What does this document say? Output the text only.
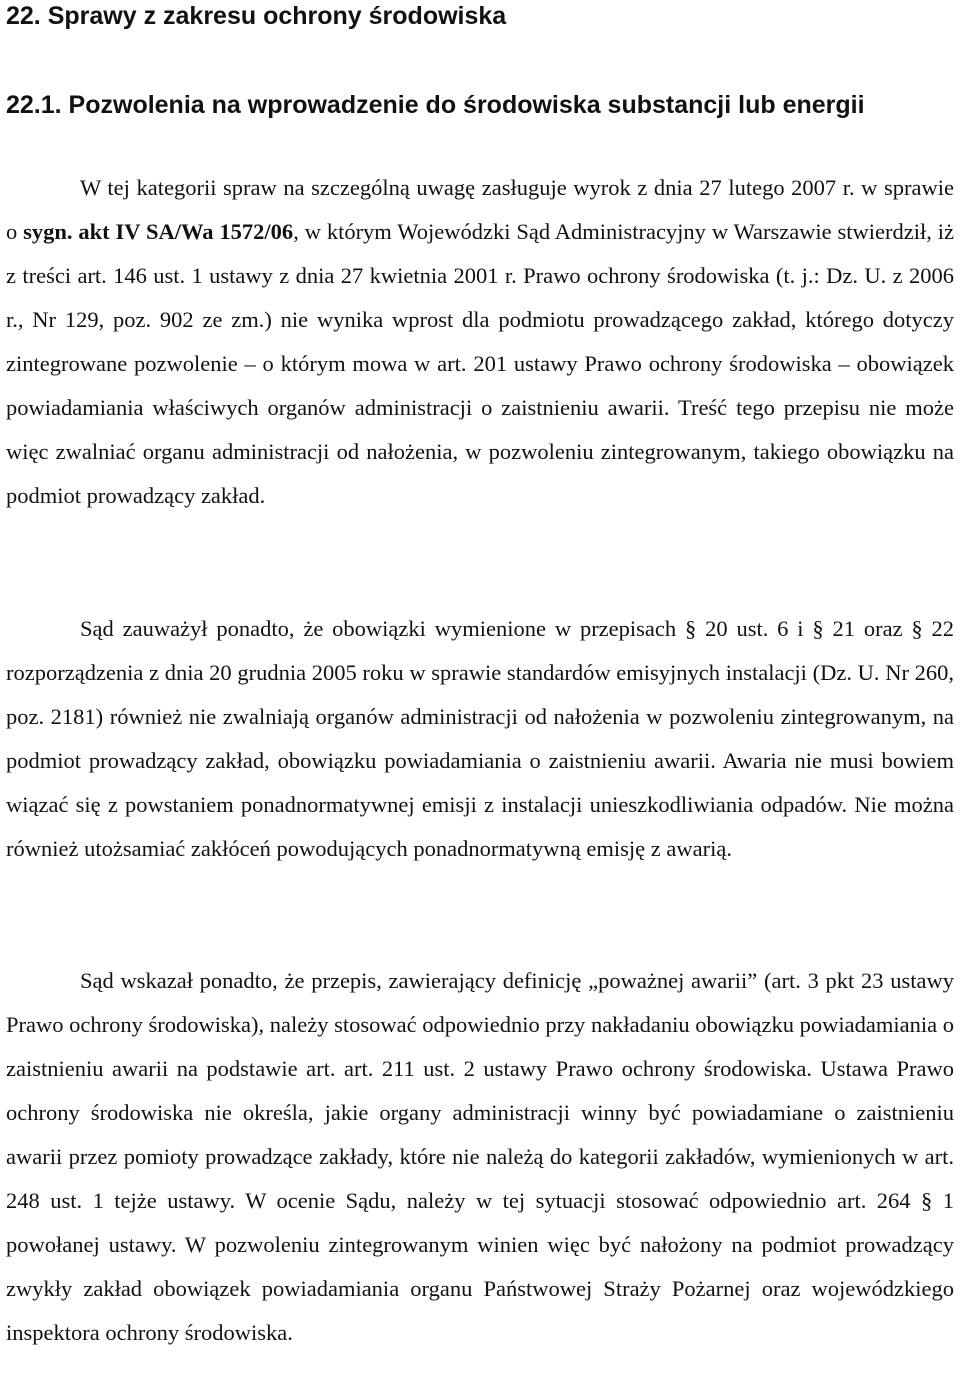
22. Sprawy z zakresu ochrony środowiska
22.1. Pozwolenia na wprowadzenie do środowiska substancji lub energii

W tej kategorii spraw na szczególną uwagę zasługuje wyrok z dnia 27 lutego 2007 r. w sprawie o sygn. akt IV SA/Wa 1572/06, w którym Wojewódzki Sąd Administracyjny w Warszawie stwierdził, iż z treści art. 146 ust. 1 ustawy z dnia 27 kwietnia 2001 r. Prawo ochrony środowiska (t. j.: Dz. U. z 2006 r., Nr 129, poz. 902 ze zm.) nie wynika wprost dla podmiotu prowadzącego zakład, którego dotyczy zintegrowane pozwolenie – o którym mowa w art. 201 ustawy Prawo ochrony środowiska – obowiązek powiadamiania właściwych organów administracji o zaistnieniu awarii. Treść tego przepisu nie może więc zwalniać organu administracji od nałożenia, w pozwoleniu zintegrowanym, takiego obowiązku na podmiot prowadzący zakład.

Sąd zauważył ponadto, że obowiązki wymienione w przepisach § 20 ust. 6 i § 21 oraz § 22 rozporządzenia z dnia 20 grudnia 2005 roku w sprawie standardów emisyjnych instalacji (Dz. U. Nr 260, poz. 2181) również nie zwalniają organów administracji od nałożenia w pozwoleniu zintegrowanym, na podmiot prowadzący zakład, obowiązku powiadamiania o zaistnieniu awarii. Awaria nie musi bowiem wiązać się z powstaniem ponadnormatywnej emisji z instalacji unieszkodliwiania odpadów. Nie można również utożsamiać zakłóceń powodujących ponadnormatywną emisję z awarią.

Sąd wskazał ponadto, że przepis, zawierający definicję „poważnej awarii” (art. 3 pkt 23 ustawy Prawo ochrony środowiska), należy stosować odpowiednio przy nakładaniu obowiązku powiadamiania o zaistnieniu awarii na podstawie art. art. 211 ust. 2 ustawy Prawo ochrony środowiska. Ustawa Prawo ochrony środowiska nie określa, jakie organy administracji winny być powiadamiane o zaistnieniu awarii przez pomioty prowadzące zakłady, które nie należą do kategorii zakładów, wymienionych w art. 248 ust. 1 tejże ustawy. W ocenie Sądu, należy w tej sytuacji stosować odpowiednio art. 264 § 1 powołanej ustawy. W pozwoleniu zintegrowanym winien więc być nałożony na podmiot prowadzący zwykły zakład obowiązek powiadamiania organu Państwowej Straży Pożarnej oraz wojewódzkiego inspektora ochrony środowiska.
